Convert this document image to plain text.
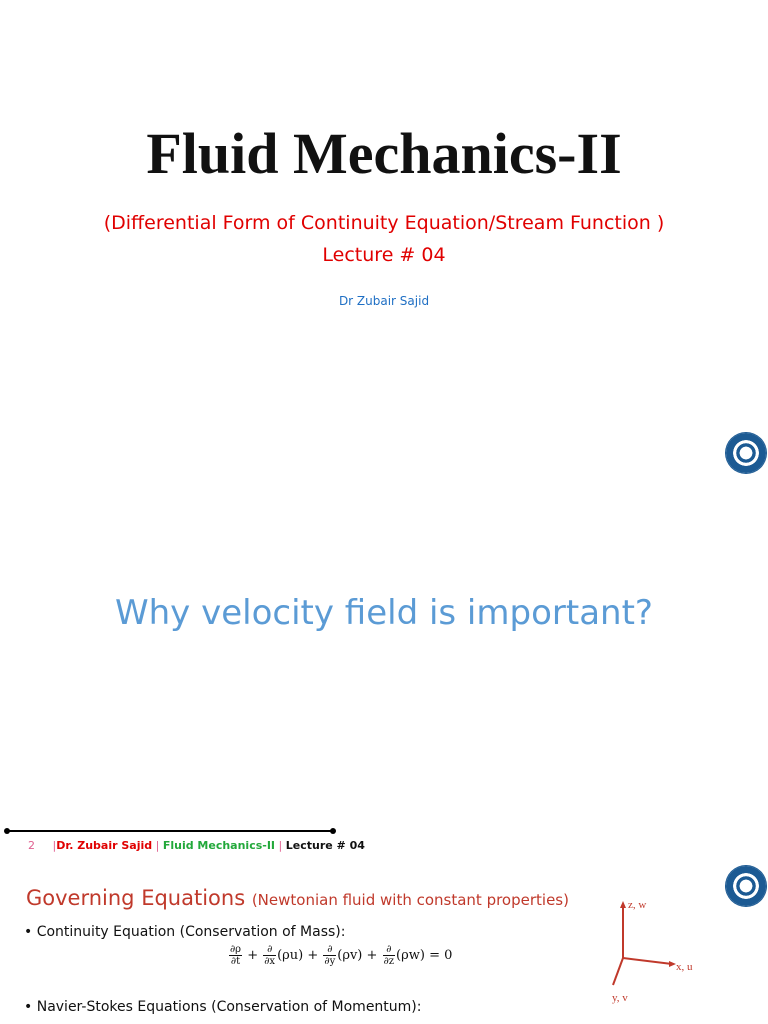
Fluid Mechanics-II
(Differential Form of Continuity Equation/Stream Function )
Lecture # 04
Dr Zubair Sajid
Why velocity field is important?
2 |Dr. Zubair Sajid | Fluid Mechanics-II | Lecture # 04
Governing Equations (Newtonian fluid with constant properties)
• Continuity Equation (Conservation of Mass):
$\frac{\partial\rho}{\partial t} + \frac{\partial}{\partial x} (\rho u) + \frac{\partial}{\partial y} (\rho v) + \frac{\partial}{\partial z} (\rho w) = 0$
• Navier-Stokes Equations (Conservation of Momentum):
z, w
x, u
y, v
